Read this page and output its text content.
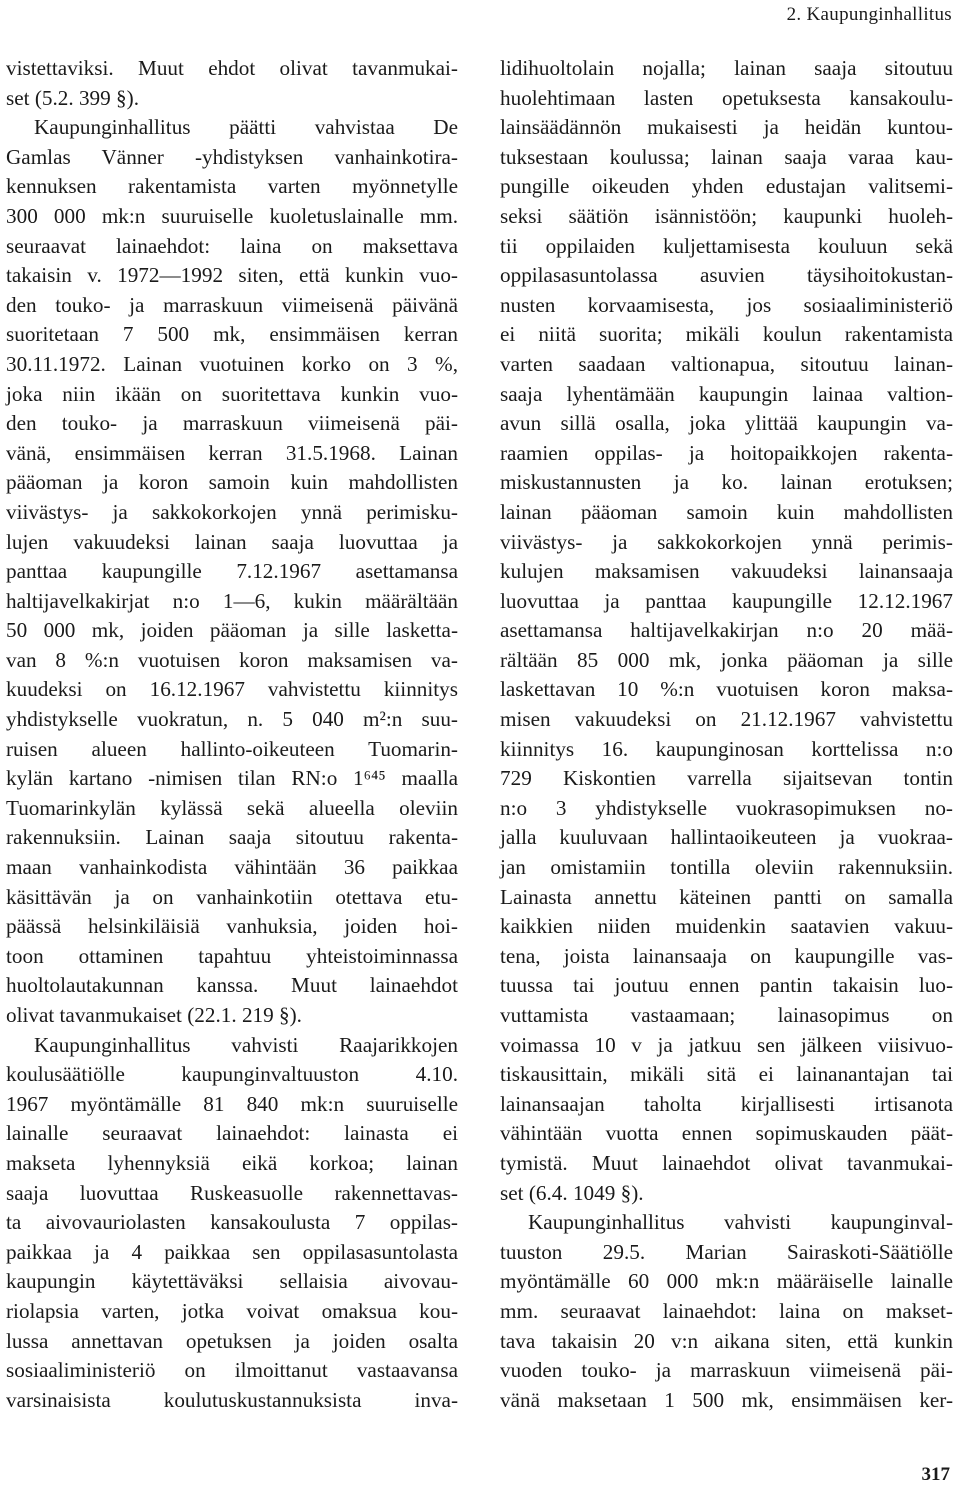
2. Kaupunginhallitus
vistettaviksi. Muut ehdot olivat tavanmukai-
set (5.2. 399 §).
Kaupunginhallitus päätti vahvistaa De
Gamlas Vänner -yhdistyksen vanhainkotira-
kennuksen rakentamista varten myönnetylle
300 000 mk:n suuruiselle kuoletuslainalle mm.
seuraavat lainaehdot: laina on maksettava
takaisin v. 1972—1992 siten, että kunkin vuo-
den touko- ja marraskuun viimeisenä päivänä
suoritetaan 7 500 mk, ensimmäisen kerran
30.11.1972. Lainan vuotuinen korko on 3 %,
joka niin ikään on suoritettava kunkin vuo-
den touko- ja marraskuun viimeisenä päi-
vänä, ensimmäisen kerran 31.5.1968. Lainan
pääoman ja koron samoin kuin mahdollisten
viivästys- ja sakkokorkojen ynnä perimisku-
lujen vakuudeksi lainan saaja luovuttaa ja
panttaa kaupungille 7.12.1967 asettamansa
haltijavelkakirjat n:o 1—6, kukin määrältään
50 000 mk, joiden pääoman ja sille lasketta-
van 8 %:n vuotuisen koron maksamisen va-
kuudeksi on 16.12.1967 vahvistettu kiinnitys
yhdistykselle vuokratun, n. 5 040 m²:n suu-
ruisen alueen hallinto-oikeuteen Tuomarin-
kylän kartano -nimisen tilan RN:o 1⁶⁴⁵ maalla
Tuomarinkylän kylässä sekä alueella oleviin
rakennuksiin. Lainan saaja sitoutuu rakenta-
maan vanhainkodista vähintään 36 paikkaa
käsittävän ja on vanhainkotiin otettava etu-
päässä helsinkiläisiä vanhuksia, joiden hoi-
toon ottaminen tapahtuu yhteistoiminnassa
huoltolautakunnan kanssa. Muut lainaehdot
olivat tavanmukaiset (22.1. 219 §).
Kaupunginhallitus vahvisti Raajarikkojen
koulusäätiölle kaupunginvaltuuston 4.10.
1967 myöntämälle 81 840 mk:n suuruiselle
lainalle seuraavat lainaehdot: lainasta ei
makseta lyhennyksiä eikä korkoa; lainan
saaja luovuttaa Ruskeasuolle rakennettavas-
ta aivovauriolasten kansakoulusta 7 oppilas-
paikkaa ja 4 paikkaa sen oppilasasuntolasta
kaupungin käytettäväksi sellaisia aivovau-
riolapsia varten, jotka voivat omaksua kou-
lussa annettavan opetuksen ja joiden osalta
sosiaaliministeriö on ilmoittanut vastaavansa
varsinaisista koulutuskustannuksista inva-
lidihuoltolain nojalla; lainan saaja sitoutuu
huolehtimaan lasten opetuksesta kansakoulu-
lainsäädännön mukaisesti ja heidän kuntou-
tuksestaan koulussa; lainan saaja varaa kau-
pungille oikeuden yhden edustajan valitsemi-
seksi säätiön isännistöön; kaupunki huoleh-
tii oppilaiden kuljettamisesta kouluun sekä
oppilasasuntolassa asuvien täysihoitokustan-
nusten korvaamisesta, jos sosiaaliministeriö
ei niitä suorita; mikäli koulun rakentamista
varten saadaan valtionapua, sitoutuu lainan-
saaja lyhentämään kaupungin lainaa valtion-
avun sillä osalla, joka ylittää kaupungin va-
raamien oppilas- ja hoitopaikkojen rakenta-
miskustannusten ja ko. lainan erotuksen;
lainan pääoman samoin kuin mahdollisten
viivästys- ja sakkokorkojen ynnä perimis-
kulujen maksamisen vakuudeksi lainansaaja
luovuttaa ja panttaa kaupungille 12.12.1967
asettamansa haltijavelkakirjan n:o 20 mää-
rältään 85 000 mk, jonka pääoman ja sille
laskettavan 10 %:n vuotuisen koron maksa-
misen vakuudeksi on 21.12.1967 vahvistettu
kiinnitys 16. kaupunginosan korttelissa n:o
729 Kiskontien varrella sijaitsevan tontin
n:o 3 yhdistykselle vuokrasopimuksen no-
jalla kuuluvaan hallintaoikeuteen ja vuokraa-
jan omistamiin tontilla oleviin rakennuksiin.
Lainasta annettu käteinen pantti on samalla
kaikkien niiden muidenkin saatavien vakuu-
tena, joista lainansaaja on kaupungille vas-
tuussa tai joutuu ennen pantin takaisin luo-
vuttamista vastaamaan; lainasopimus on
voimassa 10 v ja jatkuu sen jälkeen viisivuo-
tiskausittain, mikäli sitä ei lainanantajan tai
lainansaajan taholta kirjallisesti irtisanota
vähintään vuotta ennen sopimuskauden päät-
tymistä. Muut lainaehdot olivat tavanmukai-
set (6.4. 1049 §).
Kaupunginhallitus vahvisti kaupunginval-
tuuston 29.5. Marian Sairaskoti-Säätiölle
myöntämälle 60 000 mk:n määräiselle lainalle
mm. seuraavat lainaehdot: laina on makset-
tava takaisin 20 v:n aikana siten, että kunkin
vuoden touko- ja marraskuun viimeisenä päi-
vänä maksetaan 1 500 mk, ensimmäisen ker-
317
